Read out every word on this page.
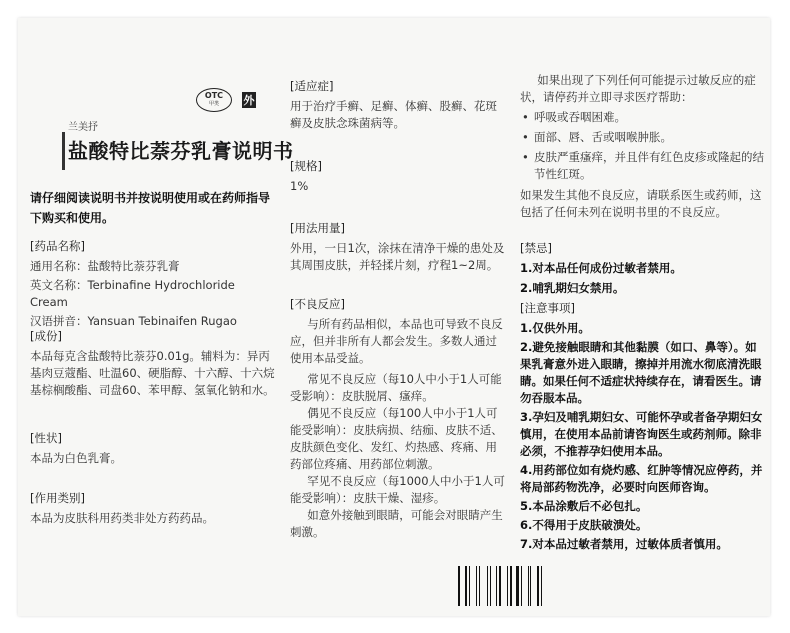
OTC
甲类 外
兰美抒
盐酸特比萘芬乳膏说明书
请仔细阅读说明书并按说明使用或在药师指导下购买和使用。

[药品名称]

通用名称：盐酸特比萘芬乳膏

英文名称：Terbinafine Hydrochloride Cream

汉语拼音：Yansuan Tebinaifen Rugao

[成份]

本品每克含盐酸特比萘芬0.01g。辅料为：异丙基肉豆蔻酯、吐温60、硬脂醇、十六醇、十六烷基棕榈酸酯、司盘60、苯甲醇、氢氧化钠和水。

[性状]

本品为白色乳膏。

[作用类别]

本品为皮肤科用药类非处方药药品。

[适应症]

用于治疗手癣、足癣、体癣、股癣、花斑癣及皮肤念珠菌病等。

[规格]

1%

[用法用量]

外用，一日1次，涂抹在清净干燥的患处及其周围皮肤，并轻揉片刻，疗程1~2周。

[不良反应]

与所有药品相似，本品也可导致不良反应，但并非所有人都会发生。多数人通过使用本品受益。

常见不良反应（每10人中小于1人可能受影响）：皮肤脱屑、瘙痒。

偶见不良反应（每100人中小于1人可能受影响）：皮肤病损、结痂、皮肤不适、皮肤颜色变化、发红、灼热感、疼痛、用药部位疼痛、用药部位刺激。

罕见不良反应（每1000人中小于1人可能受影响）：皮肤干燥、湿疹。

如意外接触到眼睛，可能会对眼睛产生刺激。

如果出现了下列任何可能提示过敏反应的症状，请停药并立即寻求医疗帮助：

• 呼吸或吞咽困难。

• 面部、唇、舌或咽喉肿胀。

• 皮肤严重瘙痒，并且伴有红色皮疹或隆起的结节性红斑。

如果发生其他不良反应，请联系医生或药师，这包括了任何未列在说明书里的不良反应。

[禁忌]

1.对本品任何成份过敏者禁用。

2.哺乳期妇女禁用。

[注意事项]

1.仅供外用。

2.避免接触眼睛和其他黏膜（如口、鼻等）。如果乳膏意外进入眼睛，擦掉并用流水彻底清洗眼睛。如果任何不适症状持续存在，请看医生。请勿吞服本品。

3.孕妇及哺乳期妇女、可能怀孕或者备孕期妇女慎用，在使用本品前请咨询医生或药剂师。除非必须，不推荐孕妇使用本品。

4.用药部位如有烧灼感、红肿等情况应停药，并将局部药物洗净，必要时向医师咨询。

5.本品涂敷后不必包扎。

6.不得用于皮肤破溃处。

7.对本品过敏者禁用，过敏体质者慎用。
